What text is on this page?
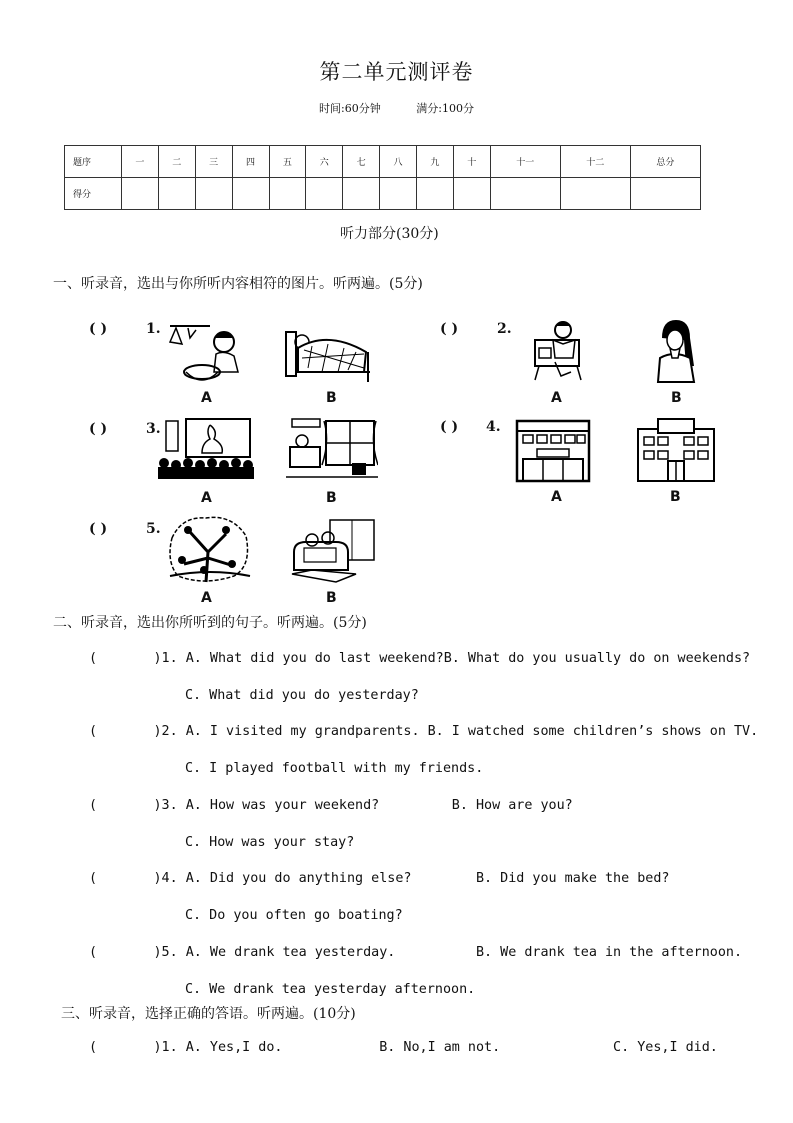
第二单元测评卷
时间:60分钟	满分:100分
题序	一	二	三	四	五	六	七	八	九	十	十一	十二	总分
得分													
听力部分(30分)
一、听录音，选出与你所听内容相符的图片。听两遍。(5分)
( )	1.
A	B
( )	2.
A	B
( )	3.
A	B
( ) 4.
A	B
( )	5.
A	B
二、听录音，选出你所听到的句子。听两遍。(5分)
(       )1. A. What did you do last weekend?B. What do you usually do on weekends?
C. What did you do yesterday?
(       )2. A. I visited my grandparents. B. I watched some children’s shows on TV.
C. I played football with my friends.
(       )3. A. How was your weekend?         B. How are you?
C. How was your stay?
(       )4. A. Did you do anything else?        B. Did you make the bed?
C. Do you often go boating?
(       )5. A. We drank tea yesterday.          B. We drank tea in the afternoon.
C. We drank tea yesterday afternoon.
三、听录音，选择正确的答语。听两遍。(10分)
(       )1. A. Yes,I do.            B. No,I am not.              C. Yes,I did.
